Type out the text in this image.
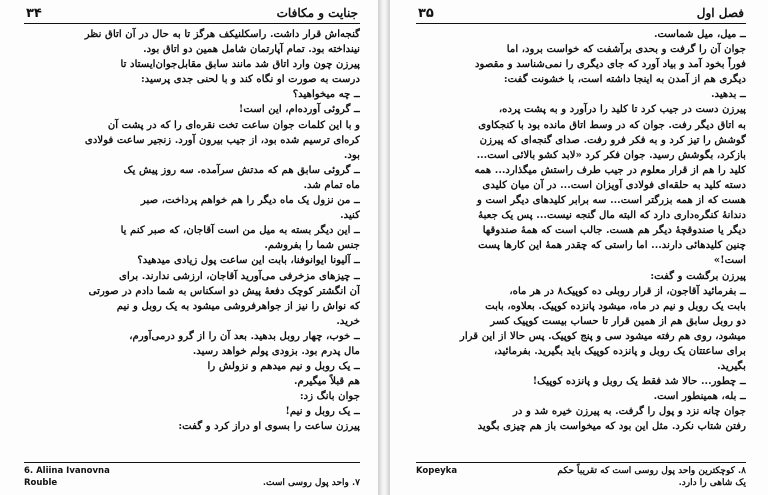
۳۴	جنایت و مکافات
گنجه‌اش قرار داشت. راسکلنیکف هرگز تا به حال در آن اتاق نظر
نینداخته بود. تمام آپارتمان شامل همین دو اتاق بود.
پیرزن چون وارد اتاق شد مانند سابق مقابل‌جوان‌ایستاد تا
درست به صورت او نگاه کند و با لحنی جدی پرسید:
ــ چه میخواهید؟
ــ گروئی آورده‌ام، این است!
و با این کلمات جوان ساعت تخت نقره‌ای را که در پشت آن
کره‌ای ترسیم شده بود، از جیب بیرون آورد. زنجیر ساعت فولادی
بود.
ــ گروئی سابق هم که مدتش سرآمده. سه روز پیش یک
ماه تمام شد.
ــ من نزول یک ماه دیگر را هم خواهم پرداخت، صبر
کنید.
ــ این دیگر بسته به میل من است آقاجان، که صبر کنم یا
جنس شما را بفروشم.
ــ آلیونا ایوانوفنا، بابت این ساعت پول زیادی میدهید؟
ــ چیزهای مزخرفی می‌آورید آقاجان، ارزشی ندارند. برای
آن انگشتر کوچک دفعهٔ پیش دو اسکناس به شما دادم در صورتی
که نواش را نیز از جواهرفروشی میشود به یک روبل و نیم
خرید.
ــ خوب، چهار روبل بدهید. بعد آن را از گرو درمی‌آورم،
مال پدرم بود. بزودی پولم خواهد رسید.
ــ یک روبل و نیم میدهم و نزولش را
هم قبلاً میگیرم.
جوان بانگ زد:
ــ یک روبل و نیم!
پیرزن ساعت را بسوی او دراز کرد و گفت:
6. Aliina Ivanovna
Rouble	۷. واحد پول روسی است.
۳۵	فصل اول
ــ میل، میل شماست.
جوان آن را گرفت و بحدی برآشفت که خواست برود، اما
فوراً بخود آمد و بیاد آورد که جای دیگری را نمی‌شناسد و مقصود
دیگری هم از آمدن به اینجا داشته است، با خشونت گفت:
ــ بدهید.
پیرزن دست در جیب کرد تا کلید را درآورد و به پشت پرده،
به اتاق دیگر رفت. جوان که در وسط اتاق مانده بود با کنجکاوی
گوشش را تیز کرد و به فکر فرو رفت. صدای گنجه‌ای که پیرزن
بازکرد، بگوشش رسید. جوان فکر کرد «لابد کشو بالائی است...
کلید را هم از قرار معلوم در جیب طرف راستش میگذارد... همه
دسته کلید به حلقه‌ای فولادی آویزان است... در آن میان کلیدی
هست که از همه بزرگتر است... سه برابر کلیدهای دیگر است و
دندانهٔ کنگره‌داری دارد که البته مال گنجه نیست... پس یک جعبهٔ
دیگر یا صندوقچهٔ دیگر هم هست. جالب است که همهٔ صندوقها
چنین کلیدهائی دارند... اما راستی که چقدر همهٔ این کارها پست
است!»
پیرزن برگشت و گفت:
ــ بفرمائید آقاجون، از قرار روبلی ده کوپیک۸ در هر ماه،
بابت یک روبل و نیم در ماه، میشود پانزده کوپیک. بعلاوه، بابت
دو روبل سابق هم از همین قرار تا حساب بیست کوپیک کسر
میشود، روی هم رفته میشود سی و پنج کوپیک. پس حالا از این قرار
برای ساعتتان یک روبل و پانزده کوپیک باید بگیرید. بفرمائید،
بگیرید.
ــ چطور... حالا شد فقط یک روبل و پانزده کوپیک!
ــ بله، همینطور است.
جوان چانه نزد و پول را گرفت. به پیرزن خیره شد و در
رفتن شتاب نکرد. مثل این بود که میخواست باز هم چیزی بگوید
Kopeyka	۸. کوچکترین واحد پول روسی است که تقریباً حکم
یک شاهی را دارد.
